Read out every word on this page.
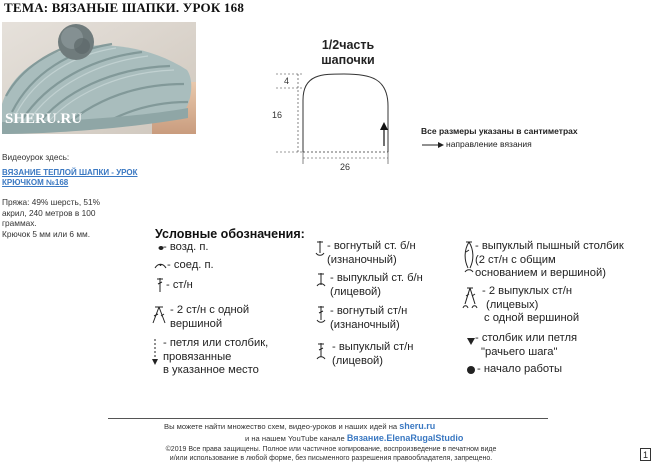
ТЕМА: ВЯЗАНЫЕ ШАПКИ. УРОК 168
SHERU.RU
Видеоурок здесь:
ВЯЗАНИЕ ТЕПЛОЙ ШАПКИ - УРОК КРЮЧКОМ №168
Пряжа: 49% шерсть, 51%
акрил, 240 метров в 100
граммах.
Крючок 5 мм или 6 мм.
1/2часть
шапочки
4
16
26
Все размеры указаны в сантиметрах
направление вязания
Условные обозначения:
- возд. п.
- соед. п.
- ст/н
- 2 ст/н с одной
вершиной
- петля или столбик,
провязанные
в указанное место
- вогнутый ст. б/н
(изнаночный)
- выпуклый ст. б/н
(лицевой)
- вогнутый ст/н
(изнаночный)
- выпуклый ст/н
(лицевой)
- выпуклый пышный столбик
(2 ст/н с общим
основанием и вершиной)
- 2 выпуклых ст/н
(лицевых)
с одной вершиной
- столбик или петля
"рачьего шага"
- начало работы
Вы можете найти множество схем, видео-уроков и наших идей на sheru.ru
и на нашем YouTube канале Вязание.ElenaRugalStudio
©2019 Все права защищены. Полное или частичное копирование, воспроизведение в печатном виде
и/или использование в любой форме, без письменного разрешения правообладателя, запрещено.	1
